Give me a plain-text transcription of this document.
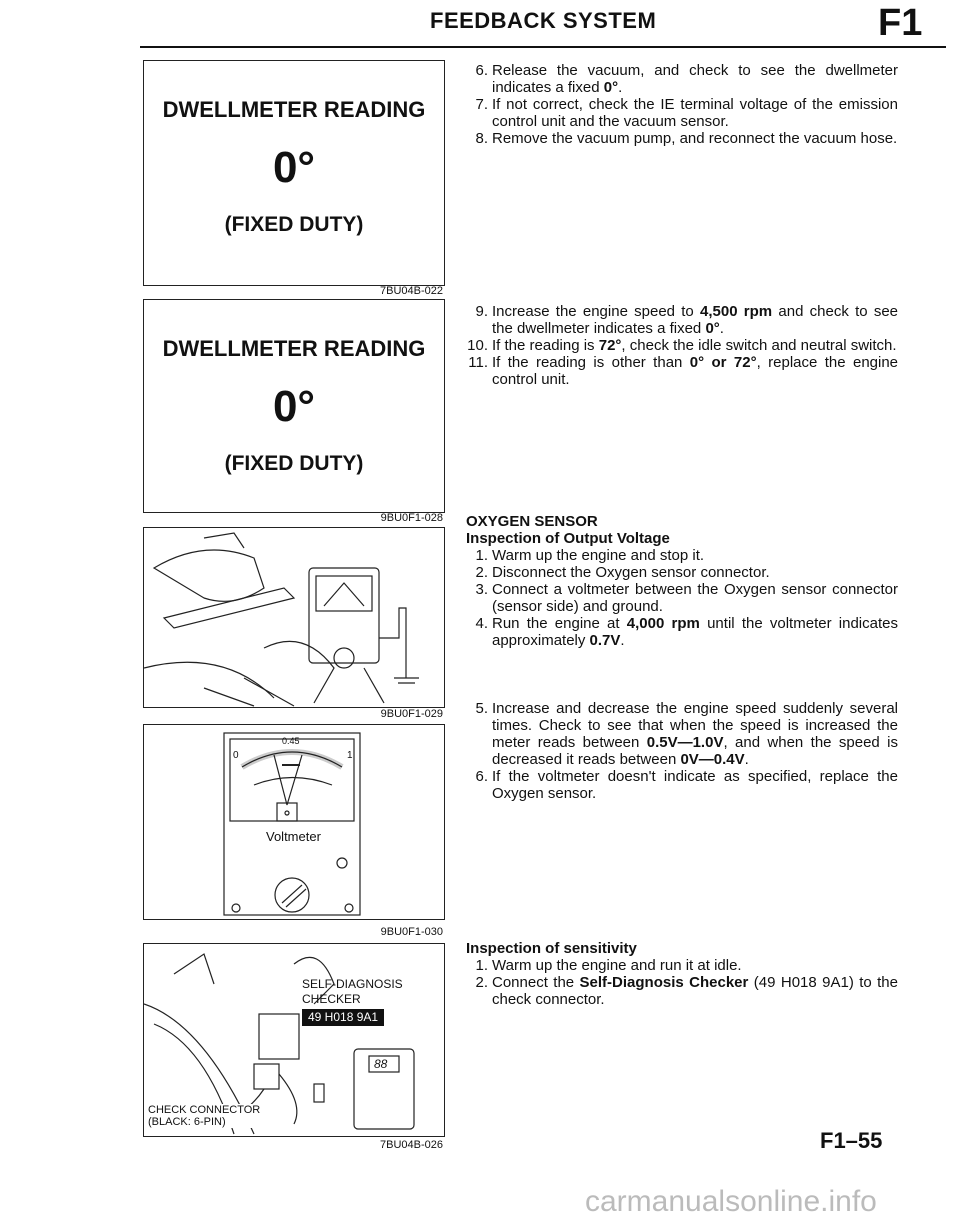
FEEDBACK SYSTEM	F1
DWELLMETER READING
0°
(FIXED DUTY)
7BU04B-022
DWELLMETER READING
0°
(FIXED DUTY)
9BU0F1-028
9BU0F1-029
0
0.45
1
Voltmeter
9BU0F1-030
SELF-DIAGNOSIS
CHECKER
49 H018 9A1
88
CHECK CONNECTOR
(BLACK: 6-PIN)
7BU04B-026
6. Release the vacuum, and check to see the dwellmeter indicates a fixed 0°.
7. If not correct, check the IE terminal voltage of the emission control unit and the vacuum sensor.
8. Remove the vacuum pump, and reconnect the vacuum hose.
9. Increase the engine speed to 4,500 rpm and check to see the dwellmeter indicates a fixed 0°.
10. If the reading is 72°, check the idle switch and neutral switch.
11. If the reading is other than 0° or 72°, replace the engine control unit.
OXYGEN SENSOR
Inspection of Output Voltage
1. Warm up the engine and stop it.
2. Disconnect the Oxygen sensor connector.
3. Connect a voltmeter between the Oxygen sensor connector (sensor side) and ground.
4. Run the engine at 4,000 rpm until the voltmeter indicates approximately 0.7V.
5. Increase and decrease the engine speed suddenly several times. Check to see that when the speed is increased the meter reads between 0.5V—1.0V, and when the speed is decreased it reads between 0V—0.4V.
6. If the voltmeter doesn't indicate as specified, replace the Oxygen sensor.
Inspection of sensitivity
1. Warm up the engine and run it at idle.
2. Connect the Self-Diagnosis Checker (49 H018 9A1) to the check connector.
F1–55
carmanualsonline.info
